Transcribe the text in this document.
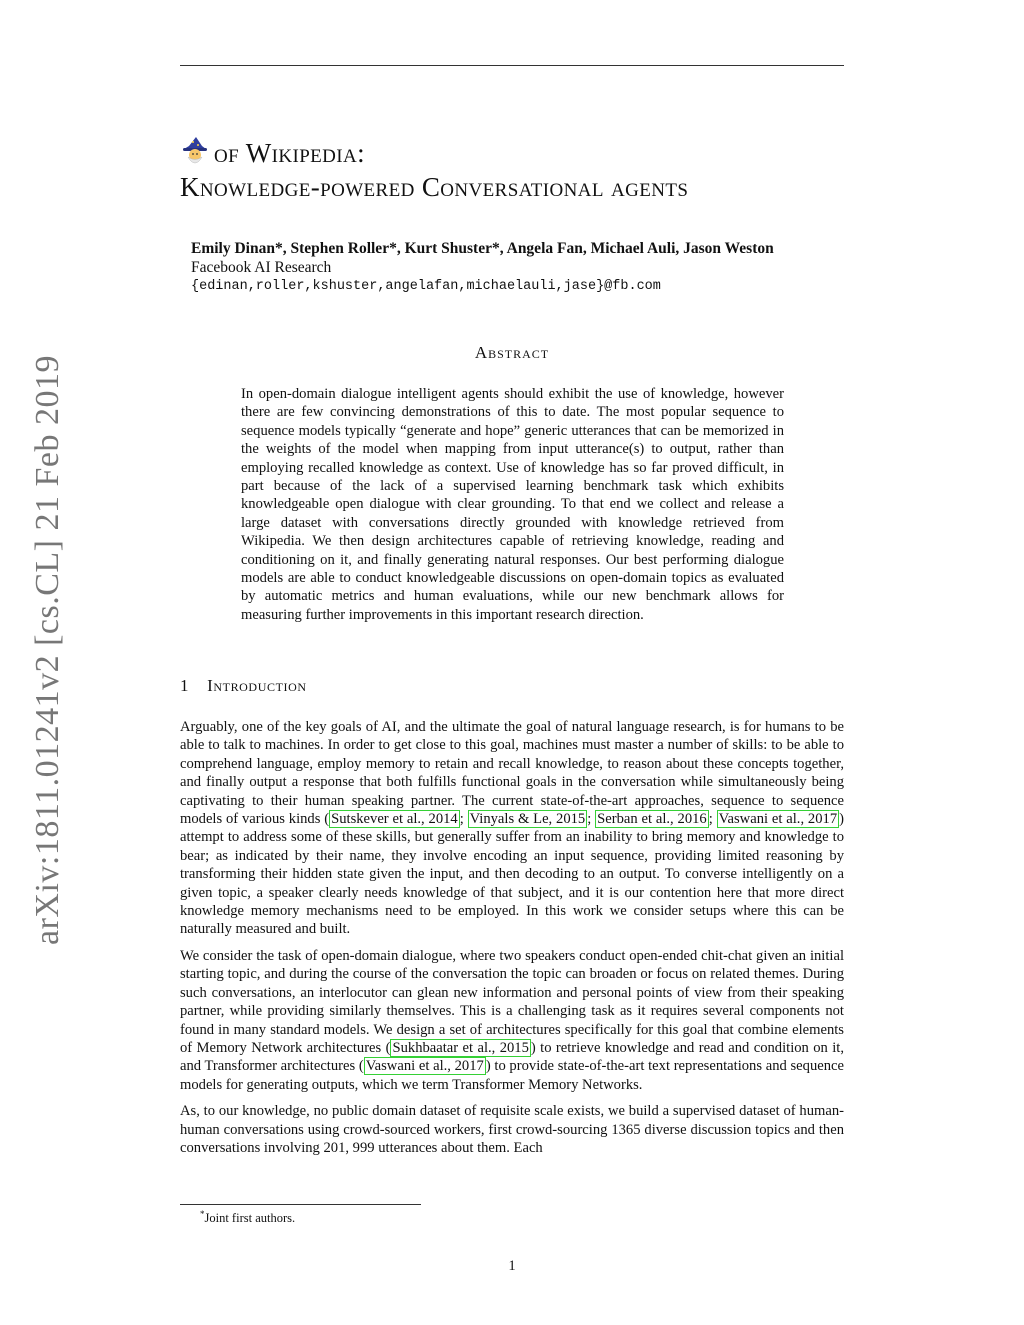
arXiv:1811.01241v2 [cs.CL] 21 Feb 2019
of Wikipedia:
Knowledge-powered Conversational agents
Emily Dinan*, Stephen Roller*, Kurt Shuster*, Angela Fan, Michael Auli, Jason Weston
Facebook AI Research
{edinan,roller,kshuster,angelafan,michaelauli,jase}@fb.com
Abstract
In open-domain dialogue intelligent agents should exhibit the use of knowledge, however there are few convincing demonstrations of this to date. The most popular sequence to sequence models typically “generate and hope” generic utterances that can be memorized in the weights of the model when mapping from input utterance(s) to output, rather than employing recalled knowledge as context. Use of knowledge has so far proved difficult, in part because of the lack of a supervised learning benchmark task which exhibits knowledgeable open dialogue with clear grounding. To that end we collect and release a large dataset with conversations directly grounded with knowledge retrieved from Wikipedia. We then design architectures capable of retrieving knowledge, reading and conditioning on it, and finally generating natural responses. Our best performing dialogue models are able to conduct knowledgeable discussions on open-domain topics as evaluated by automatic metrics and human evaluations, while our new benchmark allows for measuring further improvements in this important research direction.
1 Introduction

Arguably, one of the key goals of AI, and the ultimate the goal of natural language research, is for humans to be able to talk to machines. In order to get close to this goal, machines must master a number of skills: to be able to comprehend language, employ memory to retain and recall knowledge, to reason about these concepts together, and finally output a response that both fulfills functional goals in the conversation while simultaneously being captivating to their human speaking partner. The current state-of-the-art approaches, sequence to sequence models of various kinds ( Sutskever et al., 2014 ; Vinyals & Le, 2015 ; Serban et al., 2016 ; Vaswani et al., 2017 ) attempt to address some of these skills, but generally suffer from an inability to bring memory and knowledge to bear; as indicated by their name, they involve encoding an input sequence, providing limited reasoning by transforming their hidden state given the input, and then decoding to an output. To converse intelligently on a given topic, a speaker clearly needs knowledge of that subject, and it is our contention here that more direct knowledge memory mechanisms need to be employed. In this work we consider setups where this can be naturally measured and built.

We consider the task of open-domain dialogue, where two speakers conduct open-ended chit-chat given an initial starting topic, and during the course of the conversation the topic can broaden or focus on related themes. During such conversations, an interlocutor can glean new information and personal points of view from their speaking partner, while providing similarly themselves. This is a challenging task as it requires several components not found in many standard models. We design a set of architectures specifically for this goal that combine elements of Memory Network architectures ( Sukhbaatar et al., 2015 ) to retrieve knowledge and read and condition on it, and Transformer architectures ( Vaswani et al., 2017 ) to provide state-of-the-art text representations and sequence models for generating outputs, which we term Transformer Memory Networks.

As, to our knowledge, no public domain dataset of requisite scale exists, we build a supervised dataset of human-human conversations using crowd-sourced workers, first crowd-sourcing 1365 diverse discussion topics and then conversations involving 201, 999 utterances about them. Each

*Joint first authors.
1
